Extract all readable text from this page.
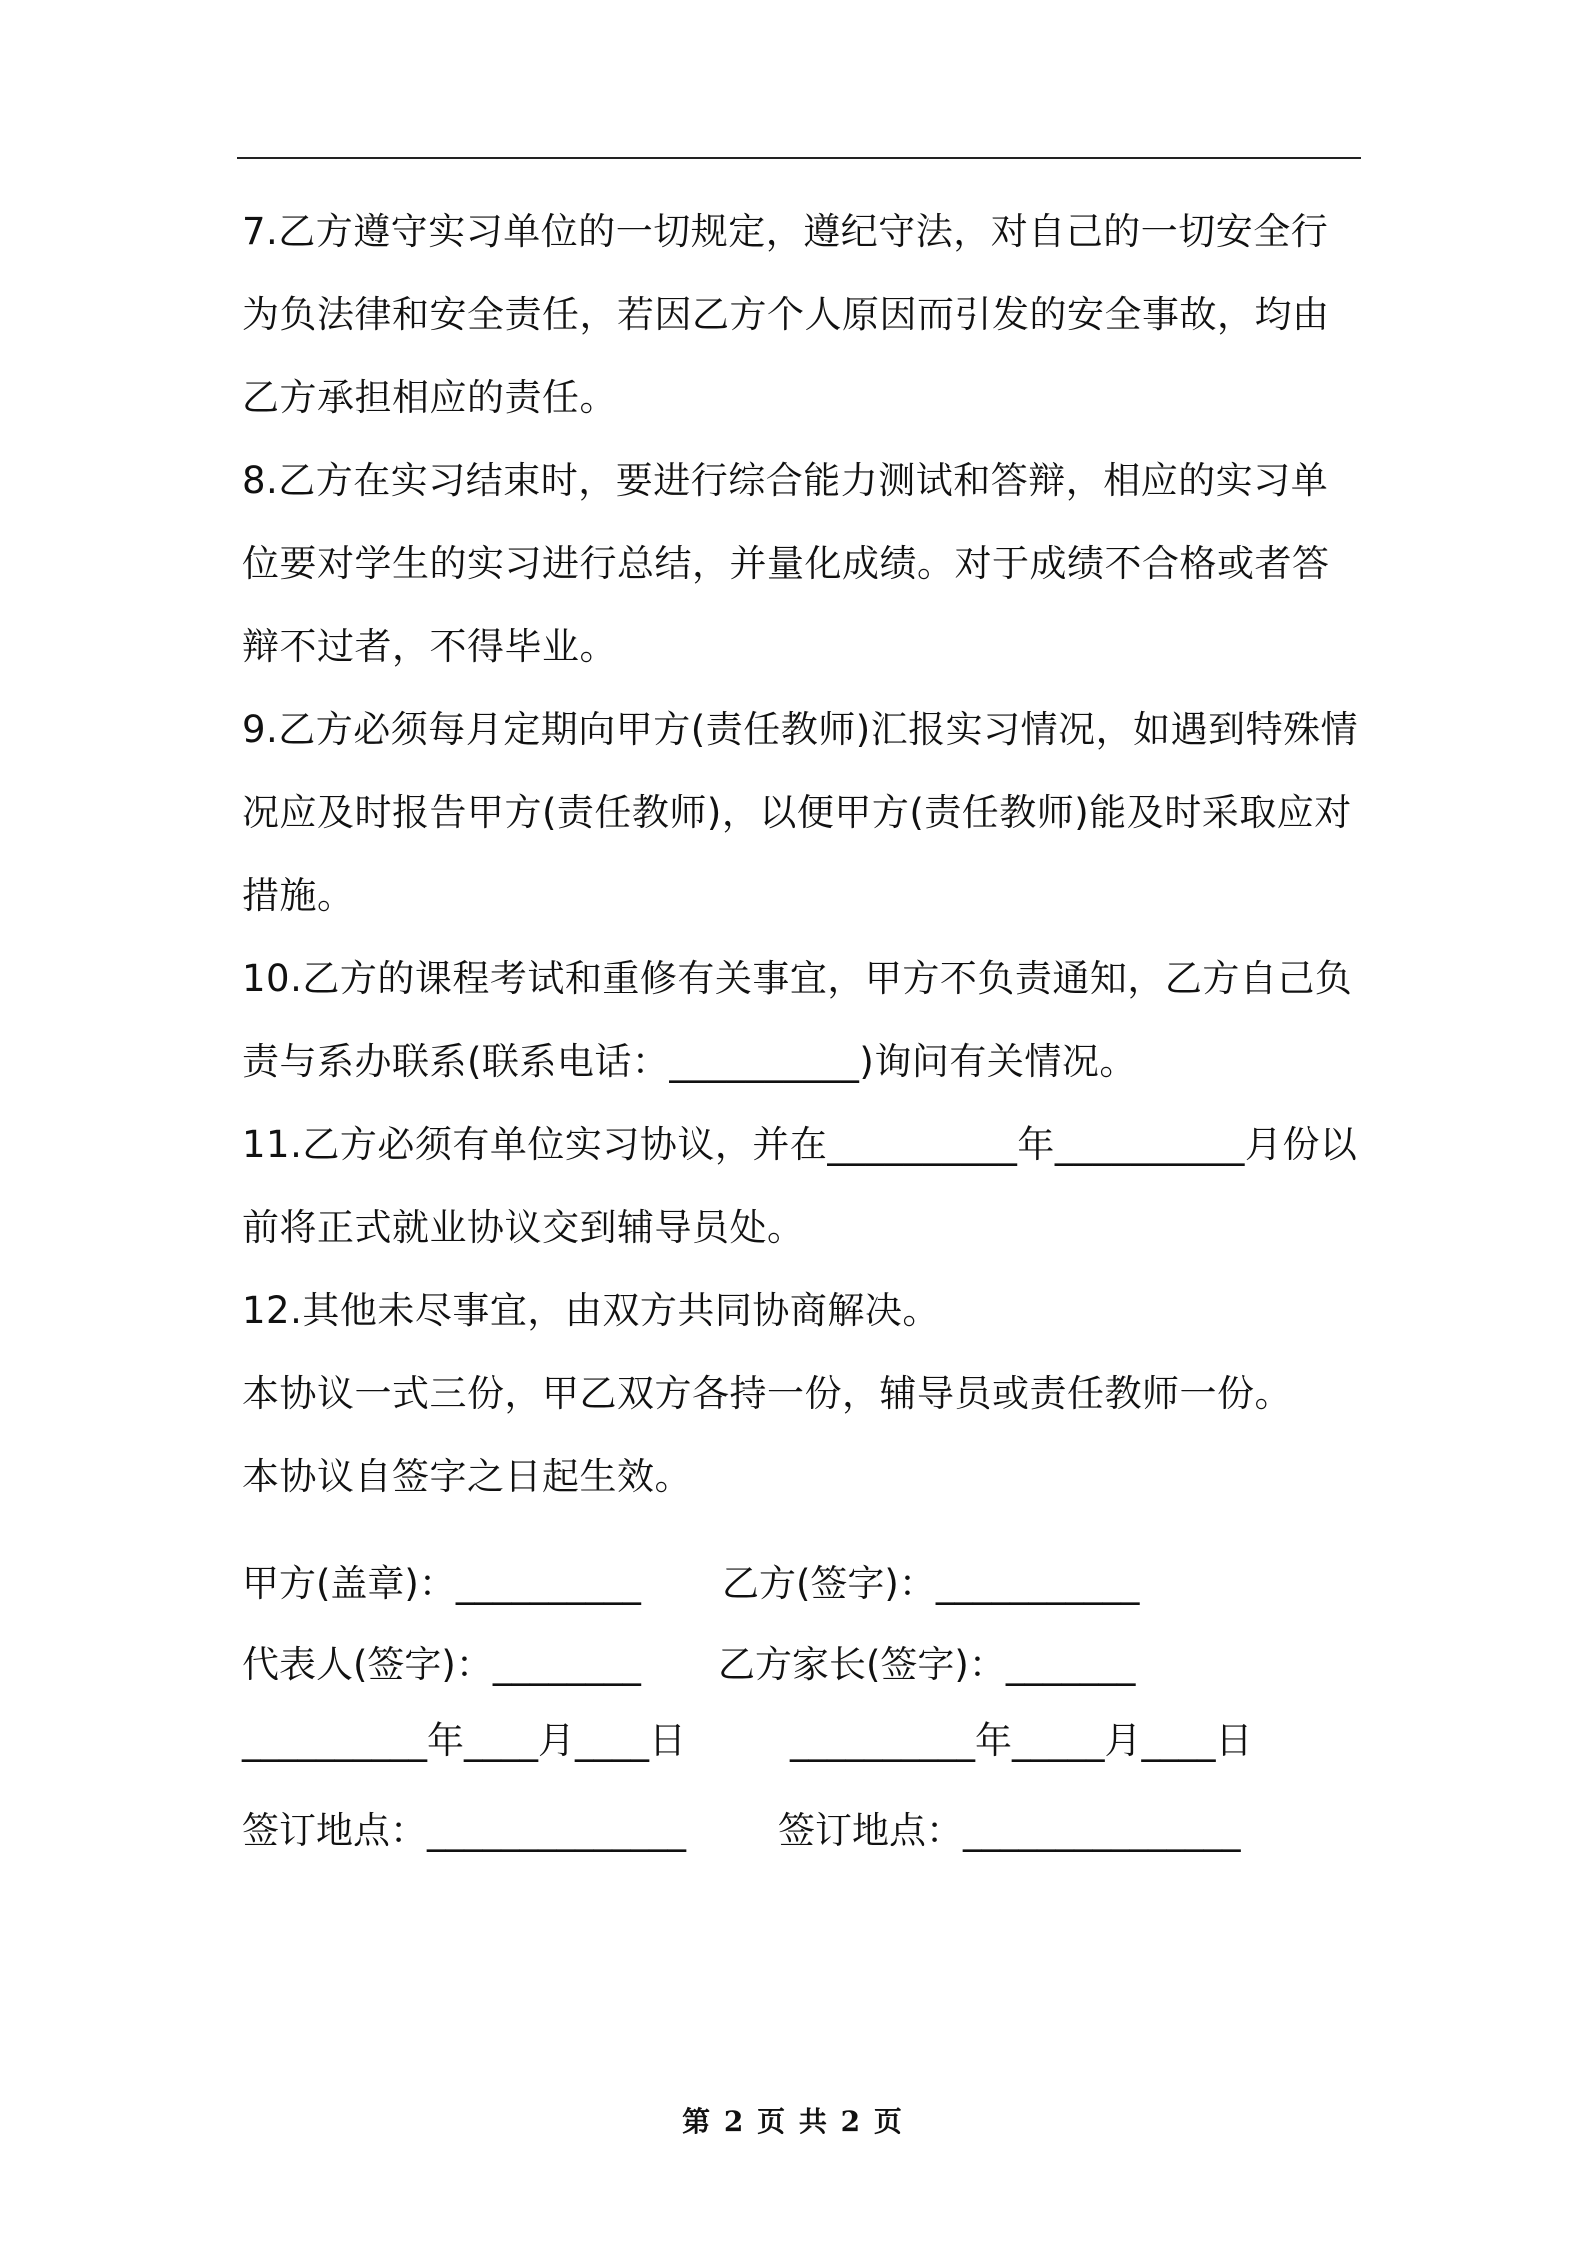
7.乙方遵守实习单位的一切规定，遵纪守法，对自己的一切安全行为负法律和安全责任，若因乙方个人原因而引发的安全事故，均由乙方承担相应的责任。

8.乙方在实习结束时，要进行综合能力测试和答辩，相应的实习单位要对学生的实习进行总结，并量化成绩。对于成绩不合格或者答辩不过者，不得毕业。

9.乙方必须每月定期向甲方(责任教师)汇报实习情况，如遇到特殊情况应及时报告甲方(责任教师)，以便甲方(责任教师)能及时采取应对措施。

10.乙方的课程考试和重修有关事宜，甲方不负责通知，乙方自己负责与系办联系(联系电话：__________)询问有关情况。

11.乙方必须有单位实习协议，并在__________年__________月份以前将正式就业协议交到辅导员处。

12.其他未尽事宜，由双方共同协商解决。

本协议一式三份，甲乙双方各持一份，辅导员或责任教师一份。

本协议自签字之日起生效。

甲方(盖章)：__________ 乙方(签字)：___________
代表人(签字)：________ 乙方家长(签字)：_______
__________年____月____日	__________年_____月____日
签订地点：______________ 签订地点：_______________
第 2 页 共 2 页
